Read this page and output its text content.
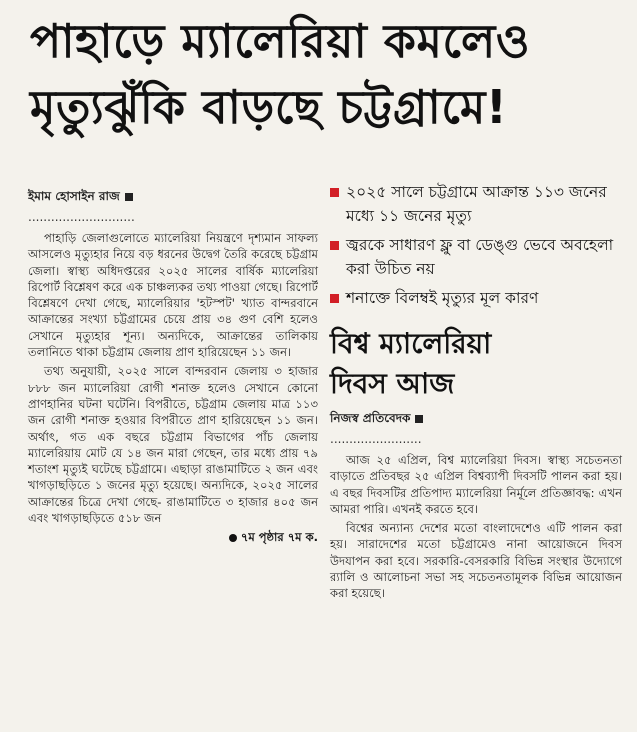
পাহাড়ে ম্যালেরিয়া কমলেও
মৃত্যুঝুঁকি বাড়ছে চট্টগ্রামে!
ইমাম হোসাইন রাজ
............................

পাহাড়ি জেলাগুলোতে ম্যালেরিয়া নিয়ন্ত্রণে দৃশ্যমান সাফল্য আসলেও মৃত্যুহার নিয়ে বড় ধরনের উদ্বেগ তৈরি করেছে চট্টগ্রাম জেলা। স্বাস্থ্য অধিদপ্তরের ২০২৫ সালের বার্ষিক ম্যালেরিয়া রিপোর্ট বিশ্লেষণ করে এক চাঞ্চল্যকর তথ্য পাওয়া গেছে। রিপোর্ট বিশ্লেষণে দেখা গেছে, ম্যালেরিয়ার 'হটস্পট' খ্যাত বান্দরবানে আক্রান্তের সংখ্যা চট্টগ্রামের চেয়ে প্রায় ৩৪ গুণ বেশি হলেও সেখানে মৃত্যুহার শূন্য। অন্যদিকে, আক্রান্তের তালিকায় তলানিতে থাকা চট্টগ্রাম জেলায় প্রাণ হারিয়েছেন ১১ জন।

তথ্য অনুযায়ী, ২০২৫ সালে বান্দরবান জেলায় ৩ হাজার ৮৮৮ জন ম্যালেরিয়া রোগী শনাক্ত হলেও সেখানে কোনো প্রাণহানির ঘটনা ঘটেনি। বিপরীতে, চট্টগ্রাম জেলায় মাত্র ১১৩ জন রোগী শনাক্ত হওয়ার বিপরীতে প্রাণ হারিয়েছেন ১১ জন। অর্থাৎ, গত এক বছরে চট্টগ্রাম বিভাগের পাঁচ জেলায় ম্যালেরিয়ায় মোট যে ১৪ জন মারা গেছেন, তার মধ্যে প্রায় ৭৯ শতাংশ মৃত্যুই ঘটেছে চট্টগ্রামে। এছাড়া রাঙামাটিতে ২ জন এবং খাগড়াছড়িতে ১ জনের মৃত্যু হয়েছে। অন্যদিকে, ২০২৫ সালের আক্রান্তের চিত্রে দেখা গেছে- রাঙামাটিতে ৩ হাজার ৪০৫ জন এবং খাগড়াছড়িতে ৫১৮ জন

৭ম পৃষ্ঠার ৭ম ক.
২০২৫ সালে চট্টগ্রামে আক্রান্ত ১১৩ জনের মধ্যে ১১ জনের মৃত্যু
জ্বরকে সাধারণ ফ্লু বা ডেঙ্গু ভেবে অবহেলা করা উচিত নয়
শনাক্তে বিলম্বই মৃত্যুর মূল কারণ
বিশ্ব ম্যালেরিয়া
দিবস আজ
নিজস্ব প্রতিবেদক
........................

আজ ২৫ এপ্রিল, বিশ্ব ম্যালেরিয়া দিবস। স্বাস্থ্য সচেতনতা বাড়াতে প্রতিবছর ২৫ এপ্রিল বিশ্বব্যাপী দিবসটি পালন করা হয়। এ বছর দিবসটির প্রতিপাদ্য ম্যালেরিয়া নির্মূলে প্রতিজ্ঞাবদ্ধ: এখন আমরা পারি। এখনই করতে হবে।

বিশ্বের অন্যান্য দেশের মতো বাংলাদেশেও এটি পালন করা হয়। সারাদেশের মতো চট্টগ্রামেও নানা আয়োজনে দিবস উদযাপন করা হবে। সরকারি-বেসরকারি বিভিন্ন সংস্থার উদ্যোগে র‍্যালি ও আলোচনা সভা সহ সচেতনতামূলক বিভিন্ন আয়োজন করা হয়েছে।
